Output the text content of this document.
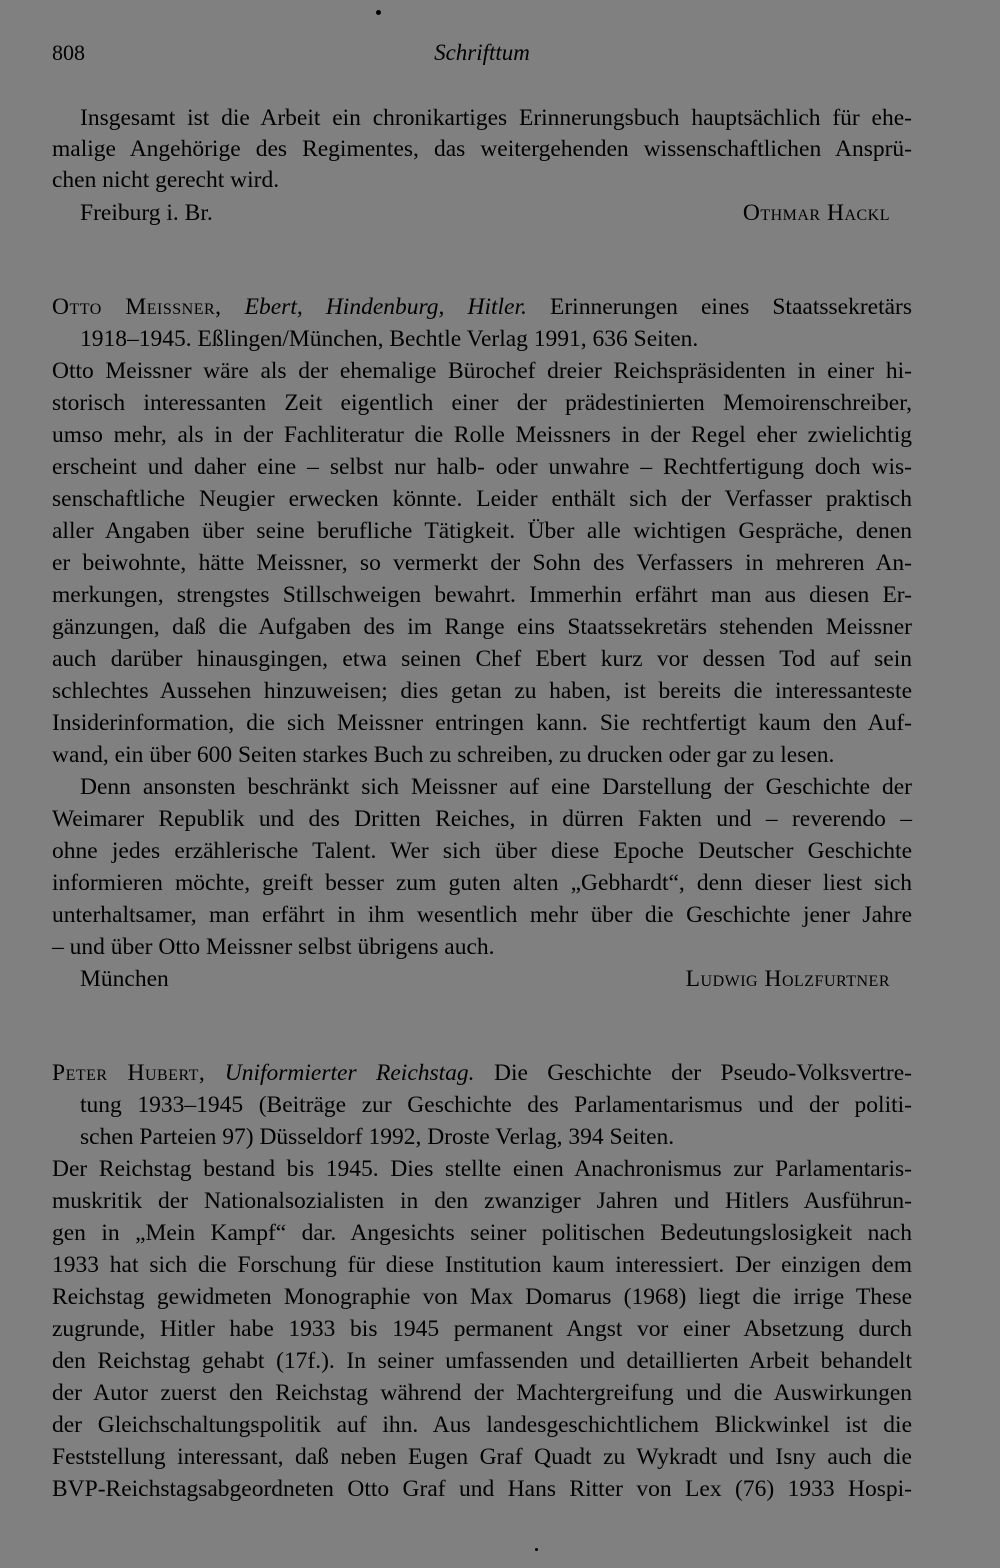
808	Schrifttum
Insgesamt ist die Arbeit ein chronikartiges Erinnerungsbuch hauptsächlich für ehe-
malige Angehörige des Regimentes, das weitergehenden wissenschaftlichen Ansprü-
chen nicht gerecht wird.
Freiburg i. Br.	Othmar Hackl
Otto Meissner, Ebert, Hindenburg, Hitler. Erinnerungen eines Staatssekretärs
1918–1945. Eßlingen/München, Bechtle Verlag 1991, 636 Seiten.
Otto Meissner wäre als der ehemalige Bürochef dreier Reichspräsidenten in einer hi-
storisch interessanten Zeit eigentlich einer der prädestinierten Memoirenschreiber,
umso mehr, als in der Fachliteratur die Rolle Meissners in der Regel eher zwielichtig
erscheint und daher eine – selbst nur halb- oder unwahre – Rechtfertigung doch wis-
senschaftliche Neugier erwecken könnte. Leider enthält sich der Verfasser praktisch
aller Angaben über seine berufliche Tätigkeit. Über alle wichtigen Gespräche, denen
er beiwohnte, hätte Meissner, so vermerkt der Sohn des Verfassers in mehreren An-
merkungen, strengstes Stillschweigen bewahrt. Immerhin erfährt man aus diesen Er-
gänzungen, daß die Aufgaben des im Range eins Staatssekretärs stehenden Meissner
auch darüber hinausgingen, etwa seinen Chef Ebert kurz vor dessen Tod auf sein
schlechtes Aussehen hinzuweisen; dies getan zu haben, ist bereits die interessanteste
Insiderinformation, die sich Meissner entringen kann. Sie rechtfertigt kaum den Auf-
wand, ein über 600 Seiten starkes Buch zu schreiben, zu drucken oder gar zu lesen.
Denn ansonsten beschränkt sich Meissner auf eine Darstellung der Geschichte der
Weimarer Republik und des Dritten Reiches, in dürren Fakten und – reverendo –
ohne jedes erzählerische Talent. Wer sich über diese Epoche Deutscher Geschichte
informieren möchte, greift besser zum guten alten „Gebhardt“, denn dieser liest sich
unterhaltsamer, man erfährt in ihm wesentlich mehr über die Geschichte jener Jahre
– und über Otto Meissner selbst übrigens auch.
München	Ludwig Holzfurtner
Peter Hubert, Uniformierter Reichstag. Die Geschichte der Pseudo-Volksvertre-
tung 1933–1945 (Beiträge zur Geschichte des Parlamentarismus und der politi-
schen Parteien 97) Düsseldorf 1992, Droste Verlag, 394 Seiten.
Der Reichstag bestand bis 1945. Dies stellte einen Anachronismus zur Parlamentaris-
muskritik der Nationalsozialisten in den zwanziger Jahren und Hitlers Ausführun-
gen in „Mein Kampf“ dar. Angesichts seiner politischen Bedeutungslosigkeit nach
1933 hat sich die Forschung für diese Institution kaum interessiert. Der einzigen dem
Reichstag gewidmeten Monographie von Max Domarus (1968) liegt die irrige These
zugrunde, Hitler habe 1933 bis 1945 permanent Angst vor einer Absetzung durch
den Reichstag gehabt (17f.). In seiner umfassenden und detaillierten Arbeit behandelt
der Autor zuerst den Reichstag während der Machtergreifung und die Auswirkungen
der Gleichschaltungspolitik auf ihn. Aus landesgeschichtlichem Blickwinkel ist die
Feststellung interessant, daß neben Eugen Graf Quadt zu Wykradt und Isny auch die
BVP-Reichstagsabgeordneten Otto Graf und Hans Ritter von Lex (76) 1933 Hospi-
